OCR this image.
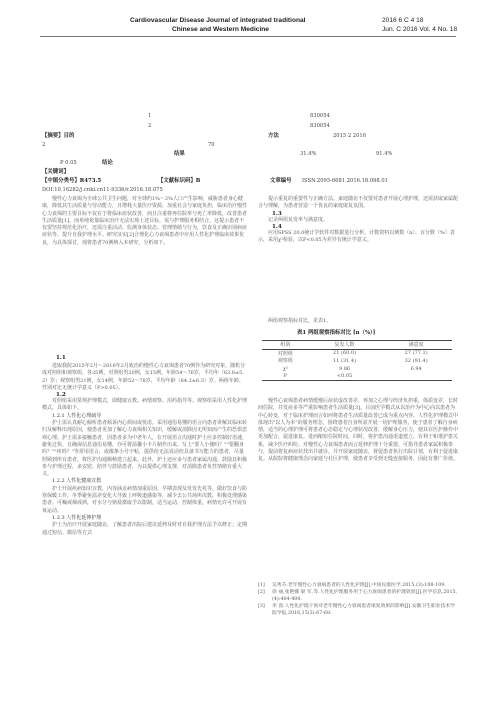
Cardiovascular Disease Journal of integrated traditional
Chinese and Western Medicine
2016 6 C 4 18
Jun. C 2016 Vol. 4 No. 18
1	830054
2	830054
【摘要】目的	方法	2015 2 2016
2	70
结果	31.4%	91.4%
P 0.05	结论
【关键词】
【中图分类号】R473.5	【文献标识码】B	文章编号 ISSN.2095-6681.2016.18.098.01
DOI:10.16282/j.cnki.cn11-9336/r.2016.18.075

慢性心力衰竭为全球公共卫生问题，对全球约1%～2%人口产生影响，威胁患者身心健康，降低其生活质量与劳动能力，且增耗大量医疗资源，加重社会与家庭负担，临床治疗慢性心力衰竭的主要目标不仅在于将临床症状改善，而且注重将再住院率与死亡率降低，改善患者生活质量[1]。而单纯依靠临床治疗无法实现上述目标，需与护理服务相结合。这提示患者不仅要坚持规范化治疗，还需注重活动、监测身体状态、管理情绪与行为，饮食及正确识别病症症状等，提升自我护理水平。研究证实[2]合理化心力衰竭患者中应用人性化护理临床效果优良，为具体探讨，现将患者70例纳入本研究，分析如下。

1.1

选取我院2015年2月～2016年2月收治的慢性心力衰竭患者70例作为研究对象，随机分成对照组和观察组，各35例。对照组男20例，女15例，年龄54～76岁，平均年（63.8±5.2）岁；观察组男21例，女14例，年龄52～78岁，平均年龄（64.2±6.3）岁。两组年龄、性别对比无统计学意义（P>0.05）。

1.2

对照组采用常规护理模式，即健康宣教、病情观察、用药指导等。观察组采用人性化护理模式，具体如下。

1.2.1 人性化心理疏导

护士需认真耐心倾听患者倾诉内心烦闷或忧虑，采用通俗易懂的语言向患者讲解其临床转归及解释出现原因，使患者更加了解心力衰竭相关知识，缓解或消除因无所知而产生的恐惧悲观心理。护士需多接触患者，因患者多为中老年人，在开展语言沟通时护士应多控制好语速，避免过快，且确保信息通俗易懂，亦可将温馨小卡片制作出来，写上"要人小便吗？""要翻身吗？""疼吗？"等常用语言，或像条小号字帖，提供给无法说话但具备书写能力的患者，尽量照顾到所有患者，将医护沟通顺畅建立起来。此外，护士还应多与患者家属沟通，鼓励其积极参与护理过程，多安慰、陪伴与鼓励患者，为其提供心理支撑，对消除患者负性情绪有重大义。

1.2.2 人性化健康宣教

护士开展疾病知识宣教，内容涵盖病情加重原因、早期表现及发发先兆等，做好饮食与防寒保暖工作，冬季避免温差变化大导致上呼吸道感染等，减少去公共场所次数，积极处理感染患者。可嘱戒烟戒酒，对水分与钠盐摄取予以限制，适当运动，控制体重，病情允许可开展有氧运动。

1.2.3 人性化延伸护理

护士为治疗开展家庭随访，了解患者出院后建议延伸及时对自我护理方法予以修正；定期通过短信、微信等方式

提示重复的重要性与正确方法。家庭随访不仅要对患者开展心理护理，还需获取家属配合与理解，为患者营造一个优良的家庭康复氛围。

1.3

记录两组复发率与满意度。

1.4

应用SPSS 20.0统计学软件对数据进行分析，计数资料以例数（n）、百分数（%）表示，采用χ²检验，以P<0.05为差异有统计学意义。

两组观察指标对比，见表1。

表1 两组观察指标对比 [n（%）]
组别	复发人数	满意度
对照组	21 (60.0)	27 (77.1)
观察组	11 (31.4)	32 (91.4)
χ²	9.86	6.94
P	<0.05	

慢性心衰竭患者病情缓慢后症状虚改善差，再加之心理与经济负担重，体质变差，长时间住院，并发症多等严重影响患者生活质量[3]。目前医学模式从以治疗为中心向以患者为中心转变，对于临床护理而言如何将患者生活质量改善已成为重点内容。人性化护理模式中体现出"以人为本"的服务理念，围绕患者自身所需开展一切护理服务，使于患者了解自身病情，适当的心理护理可将患者心态稳定与心理状况改善，缓解身心压力，使其在医护操作中更加配合，促进康复。进而缩短住院时间，同时，将护患沟通渠道建立，有利于和谐护患关系，减少医疗纠纷。对慢性心力衰竭患者而言延伸护理十分重要，可指导患者家属积极参与，提前将复病症状找出并就诊，并开展家庭随访，督促患者执行出院计划，有利于促进康复。从院院将健康理念向家庭与社区护理，使患者享受到无缝连接服务，因此有推广价值。

[1]	吴秀芬.老年慢性心力衰竭患者的人性化护理[J].中国民康医学,2015,(3):108-109.

[2]	徐 丽,张艳娜 梁 军.等.人性化护理服务用于心力衰竭患者的护理效果[J].医学信息,2015,(4):404-404.

[3]	李 茵.人性化护理干预对老年慢性心力衰竭患者康复效果的影响[J].安徽卫生职业技术学院学报,2016,15(3):67-68.
